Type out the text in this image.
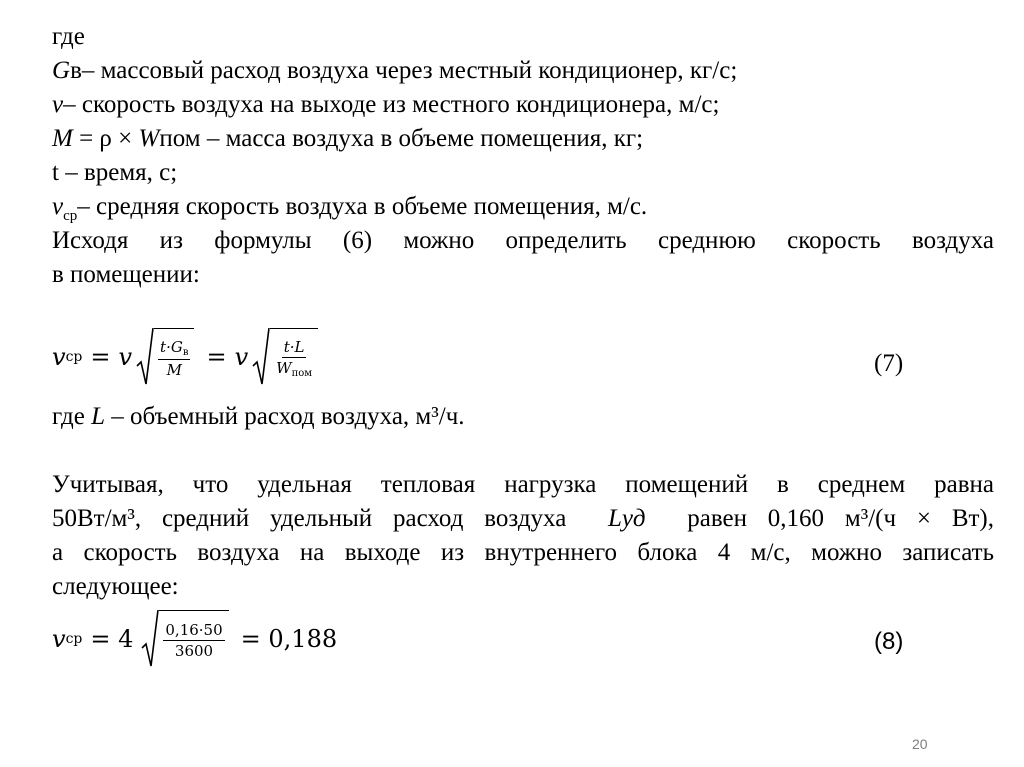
где
Gв– массовый расход воздуха через местный кондиционер, кг/с;
v– скорость воздуха на выходе из местного кондиционера, м/с;
M = ρ × Wпом – масса воздуха в объеме помещения, кг;
t – время, с;
$v_{ср}-$ средняя скорость воздуха в объеме помещения, м/с.
Исходя из формулы (6) можно определить среднюю скорость воздуха
в помещении:
v ср = v $\frac{t\cdot G_в}{M} = v \frac{t\cdot L}{W_{пом}}$	(7)
где L – объемный расход воздуха, м³/ч.
Учитывая, что удельная тепловая нагрузка помещений в среднем равна
50Вт/м³, средний удельный расход воздуха  Lуд  равен 0,160 м³/(ч × Вт),
а скорость воздуха на выходе из внутреннего блока 4 м/с, можно записать
следующее:
v ср = $4 \frac{0,16\cdot 50}{3600} = 0,188$	(8)
20
